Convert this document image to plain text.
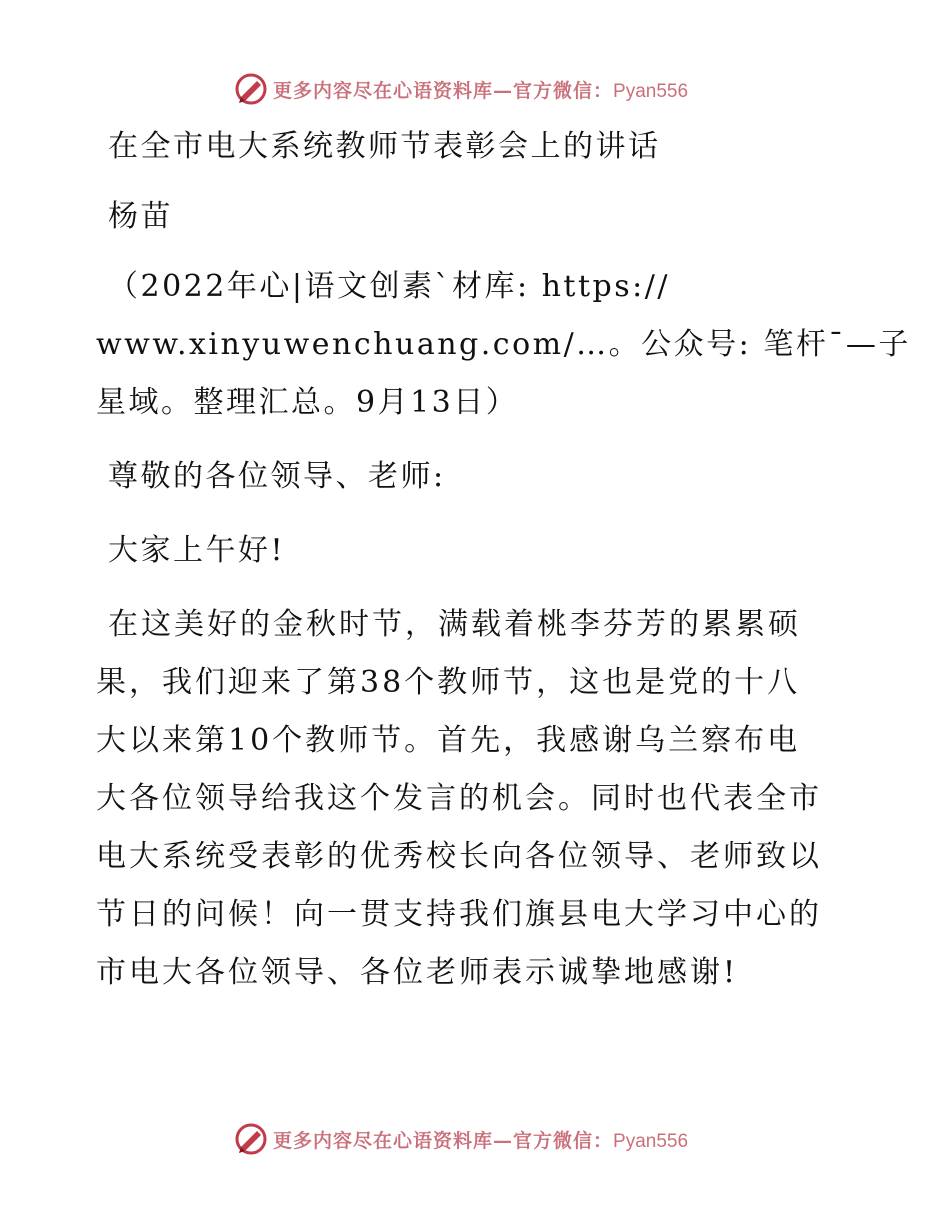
更多内容尽在心语资料库—官方微信：Pyan556

在全市电大系统教师节表彰会上的讲话

杨苗

（2022年心|语文创素`材库: https://

www.xinyuwenchuang.com/…。公众号: 笔杆¯—子

星域。整理汇总。9月13日）

尊敬的各位领导、老师:

大家上午好!

在这美好的金秋时节，满载着桃李芬芳的累累硕

果，我们迎来了第38个教师节，这也是党的十八

大以来第10个教师节。首先，我感谢乌兰察布电

大各位领导给我这个发言的机会。同时也代表全市

电大系统受表彰的优秀校长向各位领导、老师致以

节日的问候！向一贯支持我们旗县电大学习中心的

市电大各位领导、各位老师表示诚挚地感谢!

更多内容尽在心语资料库—官方微信：Pyan556
